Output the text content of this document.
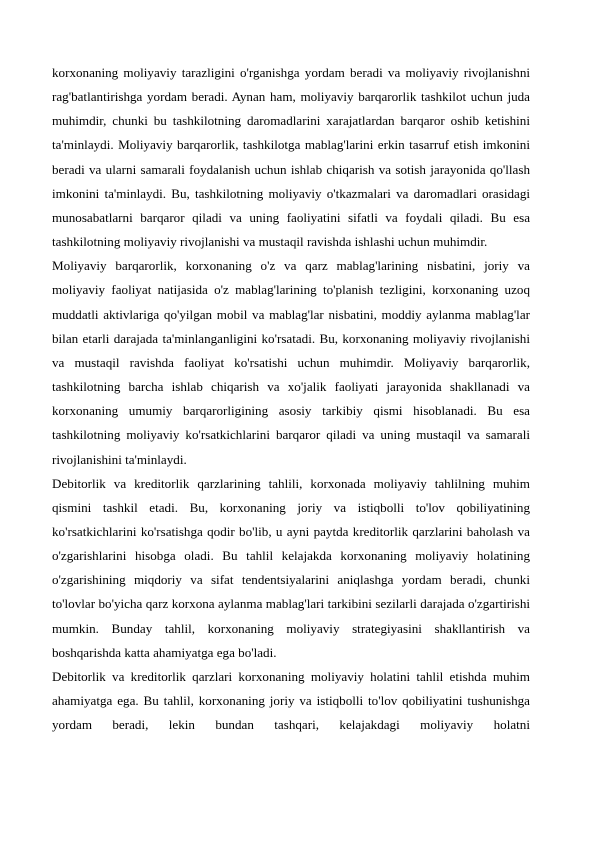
korxonaning moliyaviy tarazligini o'rganishga yordam beradi va moliyaviy rivojlanishni rag'batlantirishga yordam beradi. Aynan ham, moliyaviy barqarorlik tashkilot uchun juda muhimdir, chunki bu tashkilotning daromadlarini xarajatlardan barqaror oshib ketishini ta'minlaydi. Moliyaviy barqarorlik, tashkilotga mablag'larini erkin tasarruf etish imkonini beradi va ularni samarali foydalanish uchun ishlab chiqarish va sotish jarayonida qo'llash imkonini ta'minlaydi. Bu, tashkilotning moliyaviy o'tkazmalari va daromadlari orasidagi munosabatlarni barqaror qiladi va uning faoliyatini sifatli va foydali qiladi. Bu esa tashkilotning moliyaviy rivojlanishi va mustaqil ravishda ishlashi uchun muhimdir.

Moliyaviy barqarorlik, korxonaning o'z va qarz mablag'larining nisbatini, joriy va moliyaviy faoliyat natijasida o'z mablag'larining to'planish tezligini, korxonaning uzoq muddatli aktivlariga qo'yilgan mobil va mablag'lar nisbatini, moddiy aylanma mablag'lar bilan etarli darajada ta'minlanganligini ko'rsatadi. Bu, korxonaning moliyaviy rivojlanishi va mustaqil ravishda faoliyat ko'rsatishi uchun muhimdir. Moliyaviy barqarorlik, tashkilotning barcha ishlab chiqarish va xo'jalik faoliyati jarayonida shakllanadi va korxonaning umumiy barqarorligining asosiy tarkibiy qismi hisoblanadi. Bu esa tashkilotning moliyaviy ko'rsatkichlarini barqaror qiladi va uning mustaqil va samarali rivojlanishini ta'minlaydi.

Debitorlik va kreditorlik qarzlarining tahlili, korxonada moliyaviy tahlilning muhim qismini tashkil etadi. Bu, korxonaning joriy va istiqbolli to'lov qobiliyatining ko'rsatkichlarini ko'rsatishga qodir bo'lib, u ayni paytda kreditorlik qarzlarini baholash va o'zgarishlarini hisobga oladi. Bu tahlil kelajakda korxonaning moliyaviy holatining o'zgarishining miqdoriy va sifat tendentsiyalarini aniqlashga yordam beradi, chunki to'lovlar bo'yicha qarz korxona aylanma mablag'lari tarkibini sezilarli darajada o'zgartirishi mumkin. Bunday tahlil, korxonaning moliyaviy strategiyasini shakllantirish va boshqarishda katta ahamiyatga ega bo'ladi.

Debitorlik va kreditorlik qarzlari korxonaning moliyaviy holatini tahlil etishda muhim ahamiyatga ega. Bu tahlil, korxonaning joriy va istiqbolli to'lov qobiliyatini tushunishga yordam beradi, lekin bundan tashqari, kelajakdagi moliyaviy holatni
